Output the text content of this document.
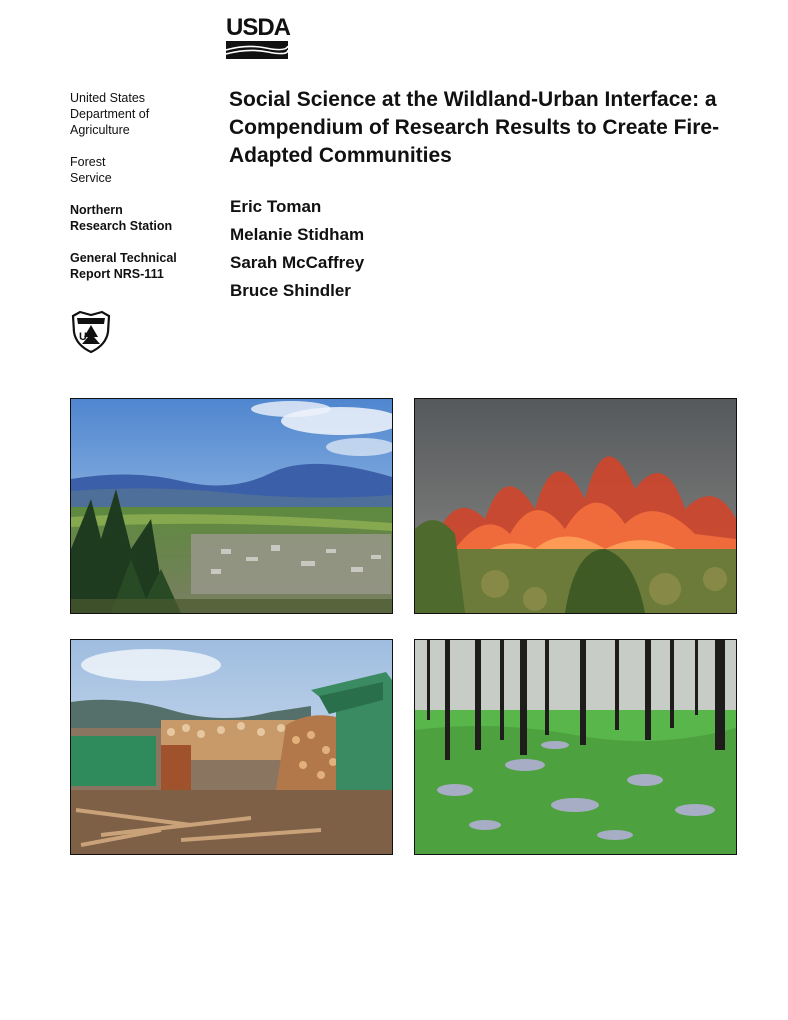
USDA

United States

Department of

Agriculture

Forest

Service

Northern

Research Station

General Technical

Report NRS-111

US
Social Science at the Wildland-Urban Interface: a Compendium of Research Results to Create Fire-Adapted Communities

Eric Toman

Melanie Stidham

Sarah McCaffrey

Bruce Shindler
